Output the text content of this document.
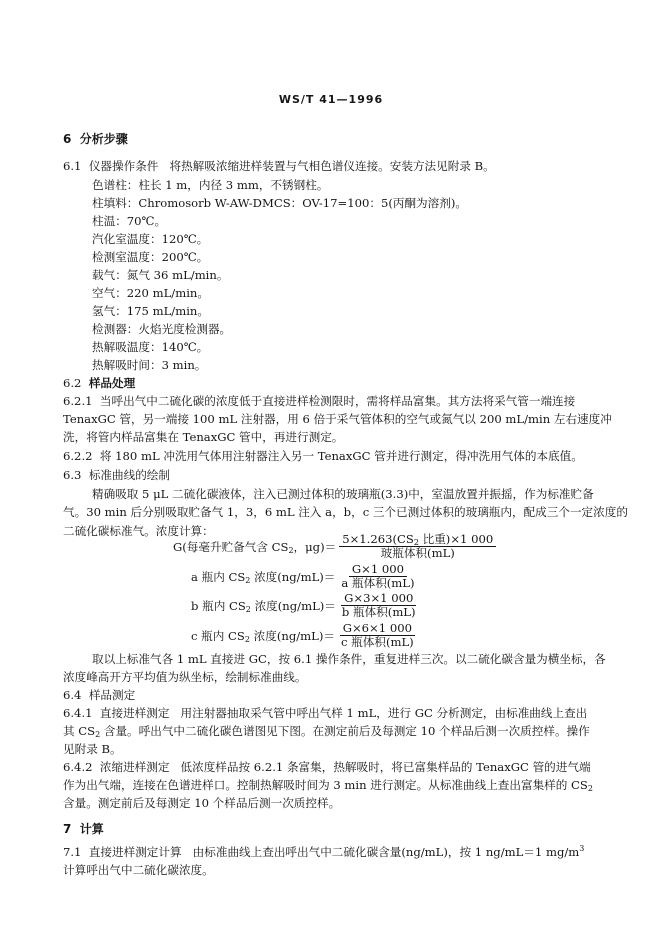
WS/T 41—1996
6 分析步骤
6.1 仪器操作条件 将热解吸浓缩进样装置与气相色谱仪连接。安装方法见附录 B。
色谱柱：柱长 1 m，内径 3 mm，不锈钢柱。
柱填料：Chromosorb W-AW-DMCS：OV-17=100：5(丙酮为溶剂)。
柱温：70℃。
汽化室温度：120℃。
检测室温度：200℃。
载气：氮气 36 mL/min。
空气：220 mL/min。
氢气：175 mL/min。
检测器：火焰光度检测器。
热解吸温度：140℃。
热解吸时间：3 min。
6.2 样品处理
6.2.1 当呼出气中二硫化碳的浓度低于直接进样检测限时，需将样品富集。其方法将采气管一端连接
TenaxGC 管，另一端接 100 mL 注射器，用 6 倍于采气管体积的空气或氮气以 200 mL/min 左右速度冲
洗，将管内样品富集在 TenaxGC 管中，再进行测定。
6.2.2 将 180 mL 冲洗用气体用注射器注入另一 TenaxGC 管并进行测定，得冲洗用气体的本底值。
6.3 标准曲线的绘制
精确吸取 5 μL 二硫化碳液体，注入已测过体积的玻璃瓶(3.3)中，室温放置并振摇，作为标准贮备
气。30 min 后分别吸取贮备气 1，3，6 mL 注入 a，b，c 三个已测过体积的玻璃瓶内，配成三个一定浓度的
二硫化碳标准气。浓度计算：
G(每毫升贮备气含 $CS_2$，$\mu g)= \frac{5\times 1.263(CS_2 比重)\times 1 000}{\text{玻瓶体积(mL)}}$
a 瓶内 $CS_2$ 浓度$(ng/mL)= \frac{G\times 1 000}{\text{a 瓶体积(mL)}}$
b 瓶内 $CS_2$ 浓度$(ng/mL)= \frac{G\times 3\times 1 000}{\text{b 瓶体积(mL)}}$
c 瓶内 $CS_2$ 浓度$(ng/mL)= \frac{G\times 6\times 1 000}{\text{c 瓶体积(mL)}}$
取以上标准气各 1 mL 直接进 GC，按 6.1 操作条件，重复进样三次。以二硫化碳含量为横坐标，各
浓度峰高开方平均值为纵坐标，绘制标准曲线。
6.4 样品测定
6.4.1 直接进样测定 用注射器抽取采气管中呼出气样 1 mL，进行 GC 分析测定，由标准曲线上查出
其 $CS_2$ 含量。呼出气中二硫化碳色谱图见下图。在测定前后及每测定 10 个样品后测一次质控样。操作
见附录 B。
6.4.2 浓缩进样测定 低浓度样品按 6.2.1 条富集，热解吸时，将已富集样品的 TenaxGC 管的进气端
作为出气端，连接在色谱进样口。控制热解吸时间为 3 min 进行测定。从标准曲线上查出富集样的 $CS_2$
含量。测定前后及每测定 10 个样品后测一次质控样。
7 计算
7.1 直接进样测定计算 由标准曲线上查出呼出气中二硫化碳含量(ng/mL)，按 1 ng/mL＝1 $mg/m^3$
计算呼出气中二硫化碳浓度。
